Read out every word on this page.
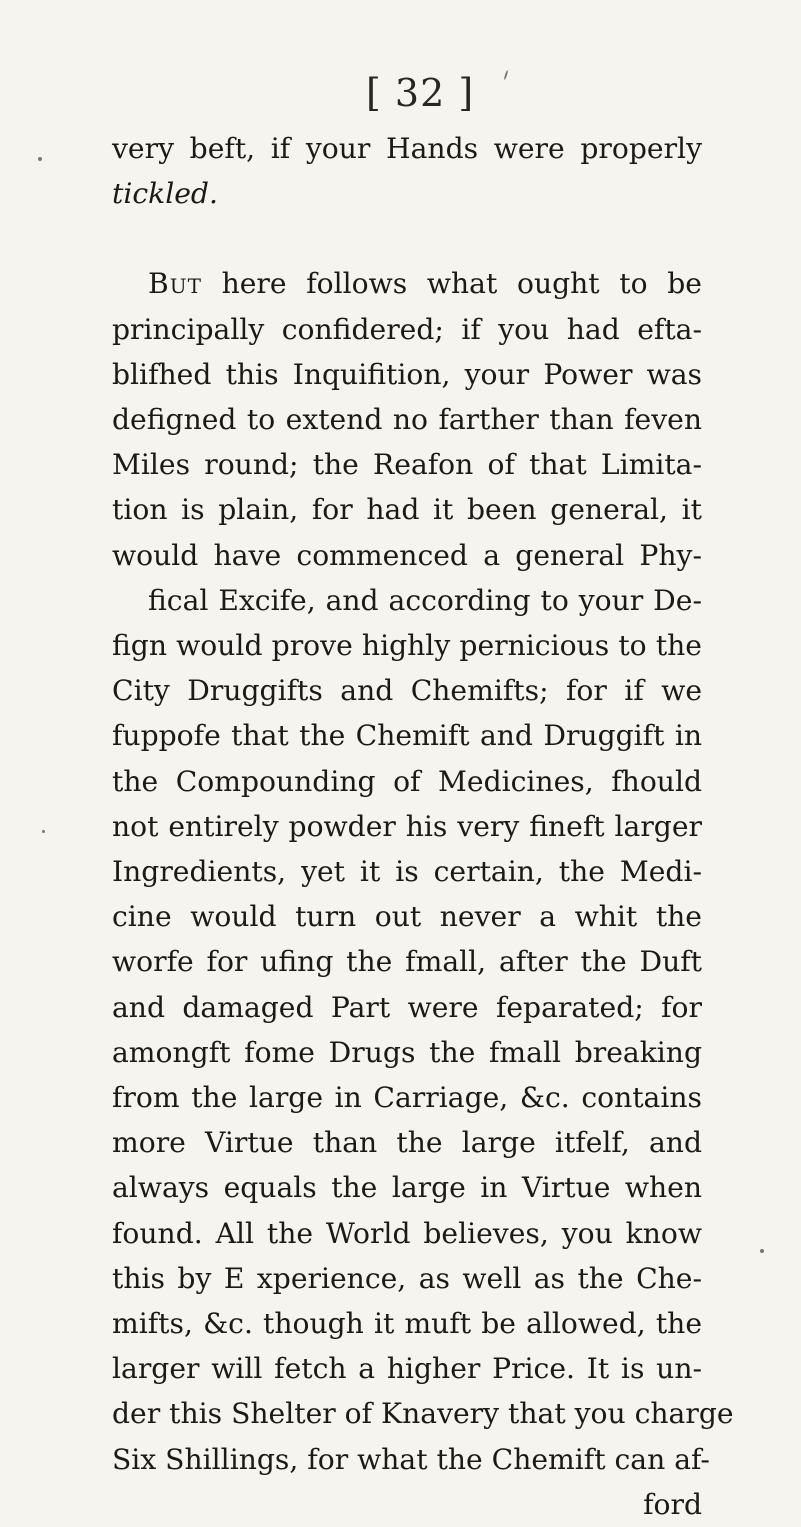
[ 32 ]
very beft, if your Hands were properly
tickled.
But here follows what ought to be
principally confidered; if you had efta-
blifhed this Inquifition, your Power was
defigned to extend no farther than feven
Miles round; the Reafon of that Limita-
tion is plain, for had it been general, it
would have commenced a general Phy-
fical Excife, and according to your De-
fign would prove highly pernicious to the
City Druggifts and Chemifts; for if we
fuppofe that the Chemift and Druggift in
the Compounding of Medicines, fhould
not entirely powder his very fineft larger
Ingredients, yet it is certain, the Medi-
cine would turn out never a whit the
worfe for ufing the fmall, after the Duft
and damaged Part were feparated; for
amongft fome Drugs the fmall breaking
from the large in Carriage, &c. contains
more Virtue than the large itfelf, and
always equals the large in Virtue when
found. All the World believes, you know
this by E xperience, as well as the Che-
mifts, &c. though it muft be allowed, the
larger will fetch a higher Price. It is un-
der this Shelter of Knavery that you charge
Six Shillings, for what the Chemift can af-
ford
